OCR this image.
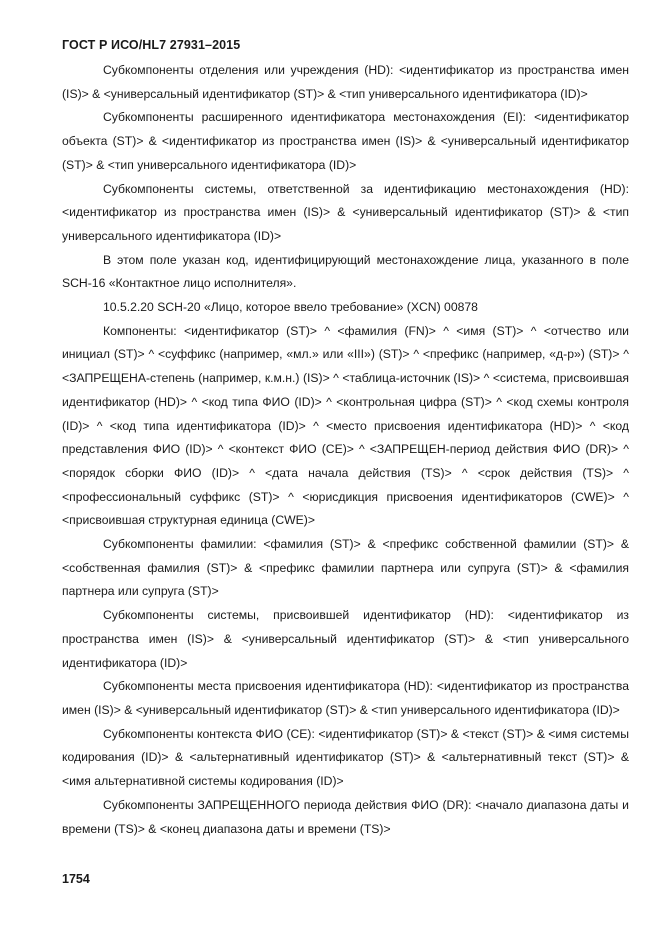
ГОСТ Р ИСО/HL7 27931–2015

Субкомпоненты отделения или учреждения (HD): <идентификатор из пространства имен (IS)> & <универсальный идентификатор (ST)> & <тип универсального идентификатора (ID)>

Субкомпоненты расширенного идентификатора местонахождения (EI): <идентификатор объекта (ST)> & <идентификатор из пространства имен (IS)> & <универсальный идентификатор (ST)> & <тип универсального идентификатора (ID)>

Субкомпоненты системы, ответственной за идентификацию местонахождения (HD): <идентификатор из пространства имен (IS)> & <универсальный идентификатор (ST)> & <тип универсального идентификатора (ID)>

В этом поле указан код, идентифицирующий местонахождение лица, указанного в поле SCH-16 «Контактное лицо исполнителя».

10.5.2.20 SCH-20 «Лицо, которое ввело требование» (XCN) 00878

Компоненты: <идентификатор (ST)> ^ <фамилия (FN)> ^ <имя (ST)> ^ <отчество или инициал (ST)> ^ <суффикс (например, «мл.» или «III») (ST)> ^ <префикс (например, «д-р») (ST)> ^ <ЗАПРЕЩЕНА-степень (например, к.м.н.) (IS)> ^ <таблица-источник (IS)> ^ <система, присвоившая идентификатор (HD)> ^ <код типа ФИО (ID)> ^ <контрольная цифра (ST)> ^ <код схемы контроля (ID)> ^ <код типа идентификатора (ID)> ^ <место присвоения идентификатора (HD)> ^ <код представления ФИО (ID)> ^ <контекст ФИО (CE)> ^ <ЗАПРЕЩЕН-период действия ФИО (DR)> ^ <порядок сборки ФИО (ID)> ^ <дата начала действия (TS)> ^ <срок действия (TS)> ^ <профессиональный суффикс (ST)> ^ <юрисдикция присвоения идентификаторов (CWE)> ^ <присвоившая структурная единица (CWE)>

Субкомпоненты фамилии: <фамилия (ST)> & <префикс собственной фамилии (ST)> & <собственная фамилия (ST)> & <префикс фамилии партнера или супруга (ST)> & <фамилия партнера или супруга (ST)>

Субкомпоненты системы, присвоившей идентификатор (HD): <идентификатор из пространства имен (IS)> & <универсальный идентификатор (ST)> & <тип универсального идентификатора (ID)>

Субкомпоненты места присвоения идентификатора (HD): <идентификатор из пространства имен (IS)> & <универсальный идентификатор (ST)> & <тип универсального идентификатора (ID)>

Субкомпоненты контекста ФИО (CE): <идентификатор (ST)> & <текст (ST)> & <имя системы кодирования (ID)> & <альтернативный идентификатор (ST)> & <альтернативный текст (ST)> & <имя альтернативной системы кодирования (ID)>

Субкомпоненты ЗАПРЕЩЕННОГО периода действия ФИО (DR): <начало диапазона даты и времени (TS)> & <конец диапазона даты и времени (TS)>

1754
